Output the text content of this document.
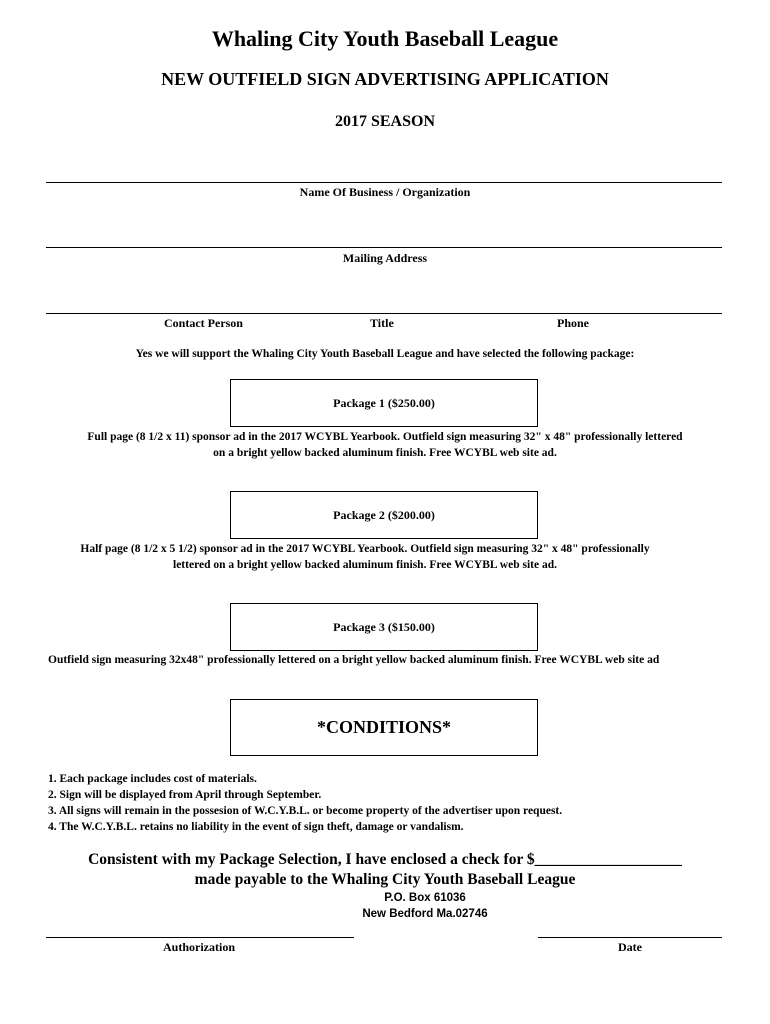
Whaling City Youth Baseball League
NEW OUTFIELD SIGN ADVERTISING APPLICATION
2017 SEASON
Name Of Business / Organization
Mailing Address
Contact Person	Title	Phone
Yes we will support the Whaling City Youth Baseball League and have selected the following package:
Package 1 ($250.00)
Full page (8 1/2 x 11) sponsor ad in the 2017 WCYBL Yearbook. Outfield sign measuring 32" x 48" professionally lettered
on a bright yellow backed aluminum finish. Free WCYBL web site ad.
Package 2 ($200.00)
Half page (8 1/2 x 5 1/2) sponsor ad in the 2017 WCYBL Yearbook. Outfield sign measuring 32" x 48" professionally
lettered on a bright yellow backed aluminum finish. Free WCYBL web site ad.
Package 3 ($150.00)
Outfield sign measuring 32x48" professionally lettered on a bright yellow backed aluminum finish. Free WCYBL web site ad
*CONDITIONS*
1. Each package includes cost of materials.
2. Sign will be displayed from April through September.
3. All signs will remain in the possesion of W.C.Y.B.L. or become property of the advertiser upon request.
4. The W.C.Y.B.L. retains no liability in the event of sign theft, damage or vandalism.
Consistent with my Package Selection, I have enclosed a check for $___________________
made payable to the Whaling City Youth Baseball League
P.O. Box 61036
New Bedford Ma.02746
Authorization	Date
